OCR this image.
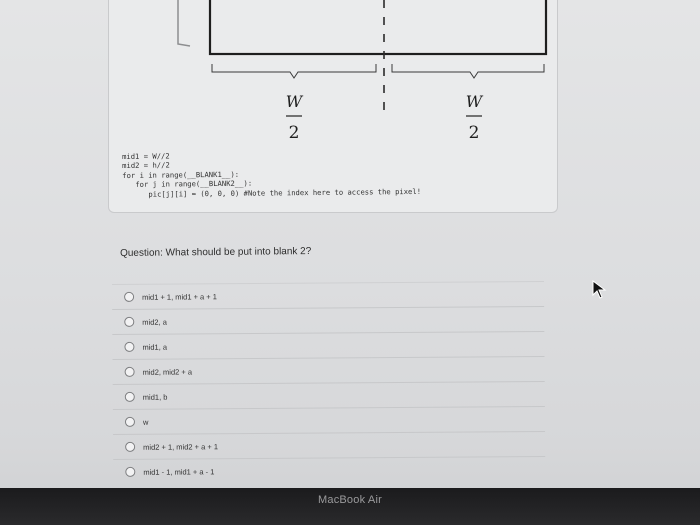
W
2
W
2
mid1 = W//2
mid2 = h//2
for i in range(__BLANK1__):
for j in range(__BLANK2__):
pic[j][i] = (0, 0, 0) #Note the index here to access the pixel!
Question: What should be put into blank 2?
mid1 + 1, mid1 + a + 1
mid2, a
mid1, a
mid2, mid2 + a
mid1, b
w
mid2 + 1, mid2 + a + 1
mid1 - 1, mid1 + a - 1
MacBook Air
